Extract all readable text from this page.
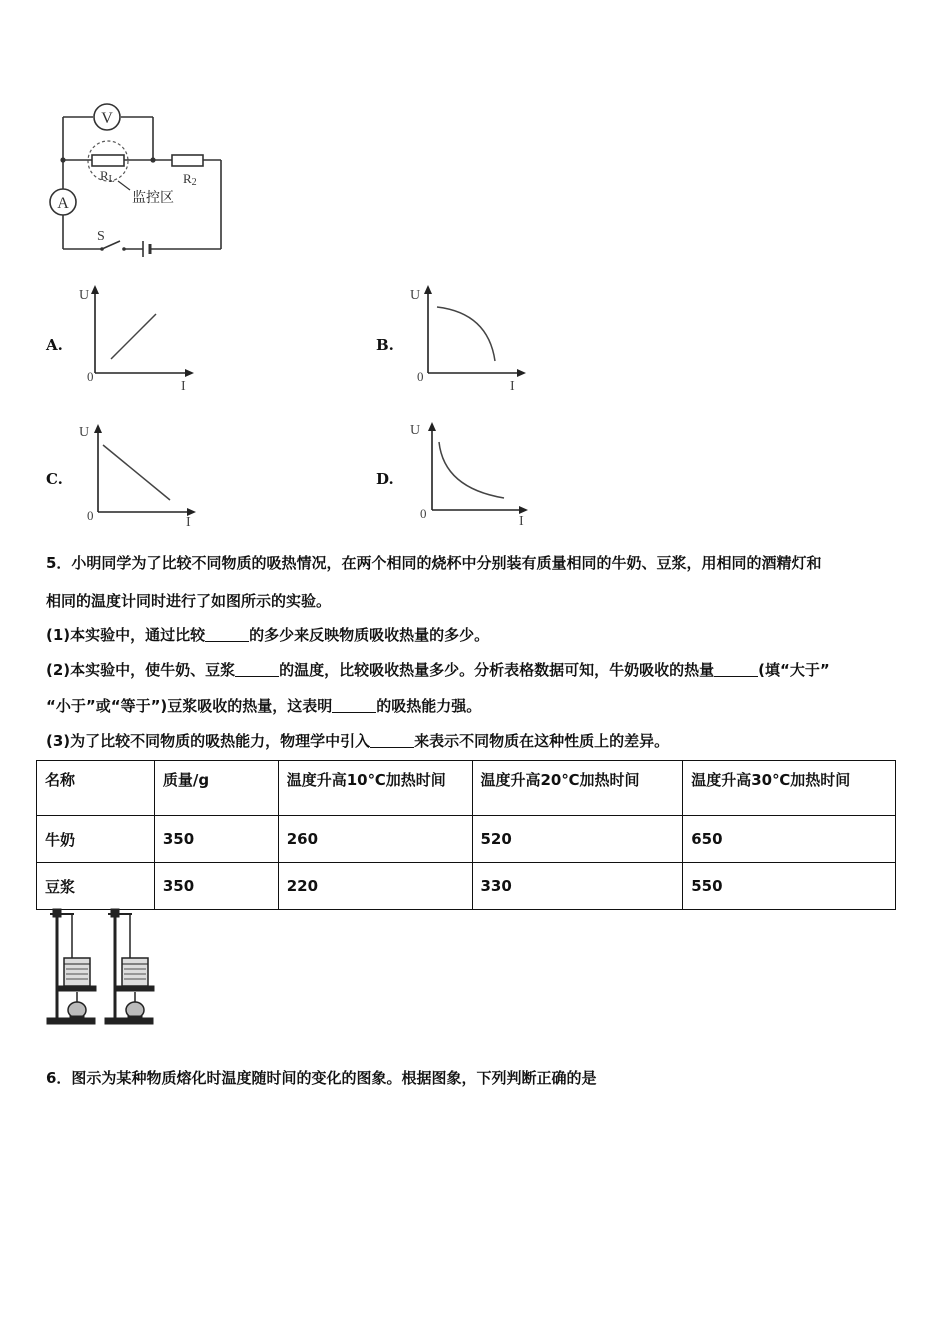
V
A
RL	R2
S
监控区
A.
U
I
0
B.
U
I
0
C.
U
I
0
D.
U
I
0
5．小明同学为了比较不同物质的吸热情况，在两个相同的烧杯中分别装有质量相同的牛奶、豆浆，用相同的酒精灯和
相同的温度计同时进行了如图所示的实验。
(1)本实验中，通过比较	的多少来反映物质吸收热量的多少。
(2)本实验中，使牛奶、豆浆	的温度，比较吸收热量多少。分析表格数据可知，牛奶吸收的热量	(填“大于”
“小于”或“等于”)豆浆吸收的热量，这表明	的吸热能力强。
(3)为了比较不同物质的吸热能力，物理学中引入	来表示不同物质在这种性质上的差异。
名称	质量/g	温度升高10℃加热时间	温度升高20℃加热时间	温度升高30℃加热时间
牛奶	350	260	520	650
豆浆	350	220	330	550
6．图示为某种物质熔化时温度随时间的变化的图象。根据图象，下列判断正确的是
